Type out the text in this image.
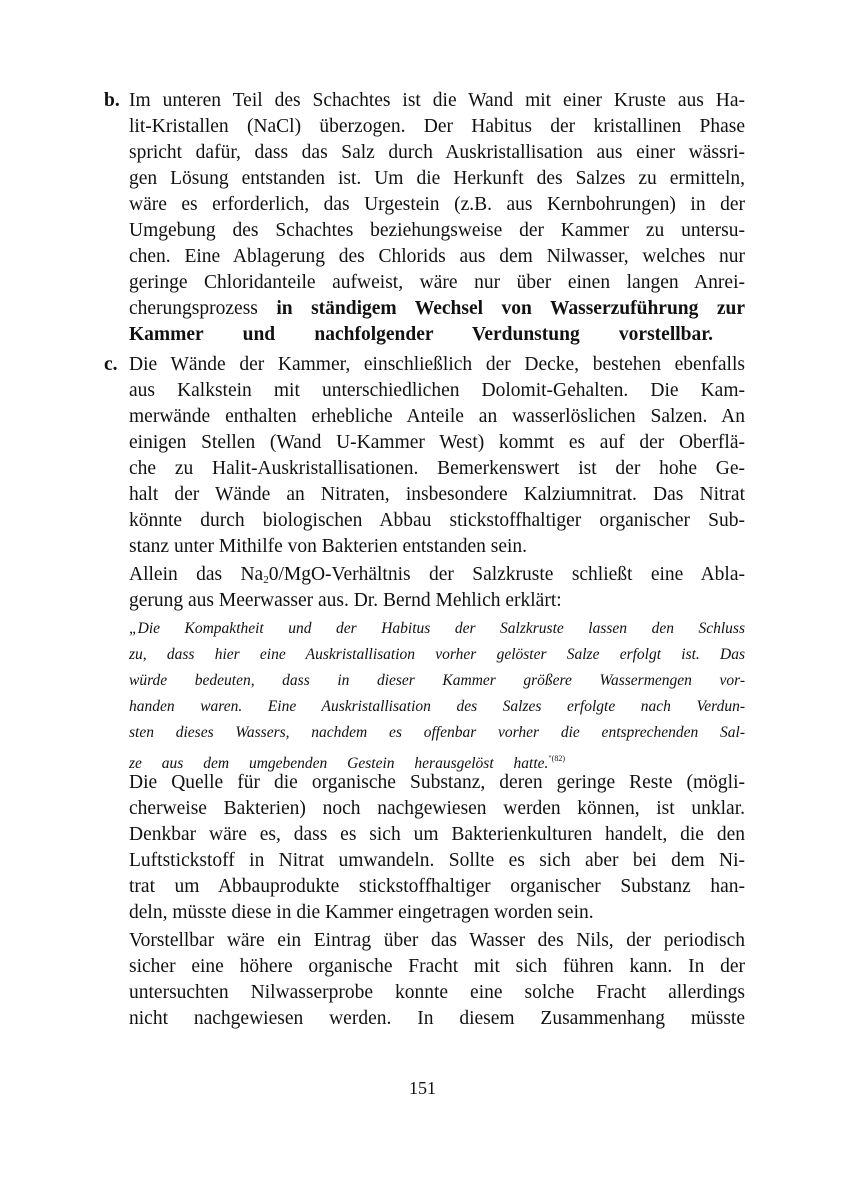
b. Im unteren Teil des Schachtes ist die Wand mit einer Kruste aus Ha-
lit-Kristallen (NaCl) überzogen. Der Habitus der kristallinen Phase
spricht dafür, dass das Salz durch Auskristallisation aus einer wässri-
gen Lösung entstanden ist. Um die Herkunft des Salzes zu ermitteln,
wäre es erforderlich, das Urgestein (z.B. aus Kernbohrungen) in der
Umgebung des Schachtes beziehungsweise der Kammer zu untersu-
chen. Eine Ablagerung des Chlorids aus dem Nilwasser, welches nur
geringe Chloridanteile aufweist, wäre nur über einen langen Anrei-
cherungsprozess in ständigem Wechsel von Wasserzuführung zur
Kammer und nachfolgender Verdunstung vorstellbar.
c. Die Wände der Kammer, einschließlich der Decke, bestehen ebenfalls
aus Kalkstein mit unterschiedlichen Dolomit-Gehalten. Die Kam-
merwände enthalten erhebliche Anteile an wasserlöslichen Salzen. An
einigen Stellen (Wand U-Kammer West) kommt es auf der Oberflä-
che zu Halit-Auskristallisationen. Bemerkenswert ist der hohe Ge-
halt der Wände an Nitraten, insbesondere Kalziumnitrat. Das Nitrat
könnte durch biologischen Abbau stickstoffhaltiger organischer Sub-
stanz unter Mithilfe von Bakterien entstanden sein.
Allein das $Na_20/MgO$-Verhältnis der Salzkruste schließt eine Abla-
gerung aus Meerwasser aus. Dr. Bernd Mehlich erklärt:
„Die Kompaktheit und der Habitus der Salzkruste lassen den Schluss
zu, dass hier eine Auskristallisation vorher gelöster Salze erfolgt ist. Das
würde bedeuten, dass in dieser Kammer größere Wassermengen vor-
handen waren. Eine Auskristallisation des Salzes erfolgte nach Verdun-
sten dieses Wassers, nachdem es offenbar vorher die entsprechenden Sal-
ze aus dem umgebenden Gestein herausgelöst hatte.$^{"(82)}$
Die Quelle für die organische Substanz, deren geringe Reste (mögli-
cherweise Bakterien) noch nachgewiesen werden können, ist unklar.
Denkbar wäre es, dass es sich um Bakterienkulturen handelt, die den
Luftstickstoff in Nitrat umwandeln. Sollte es sich aber bei dem Ni-
trat um Abbauprodukte stickstoffhaltiger organischer Substanz han-
deln, müsste diese in die Kammer eingetragen worden sein.
Vorstellbar wäre ein Eintrag über das Wasser des Nils, der periodisch
sicher eine höhere organische Fracht mit sich führen kann. In der
untersuchten Nilwasserprobe konnte eine solche Fracht allerdings
nicht nachgewiesen werden. In diesem Zusammenhang müsste
151
